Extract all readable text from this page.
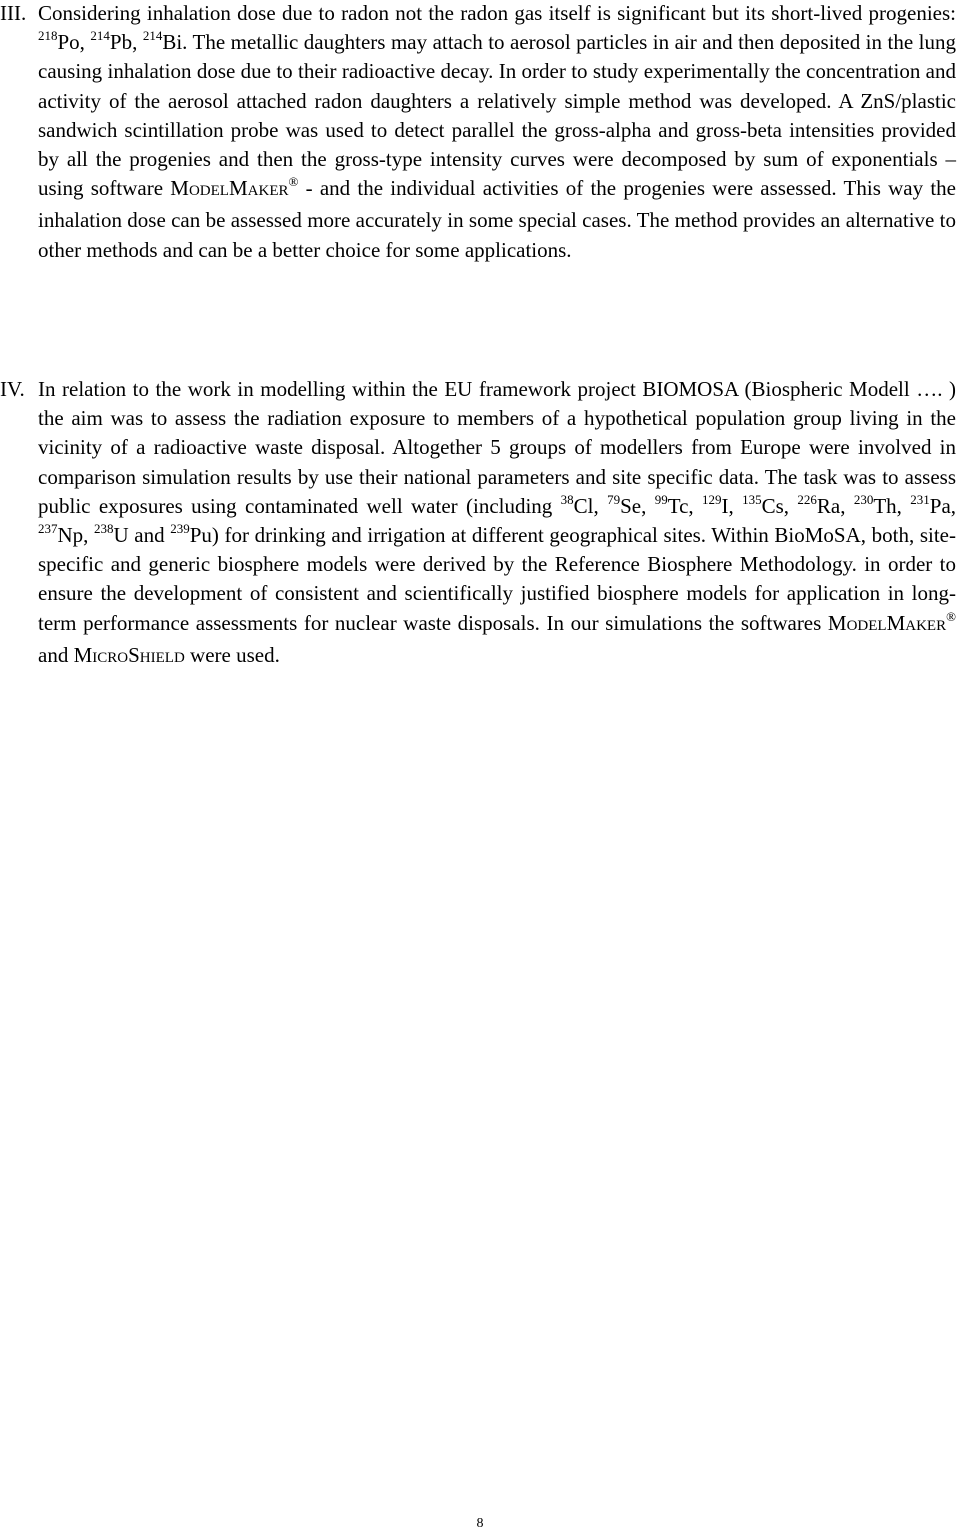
III. Considering inhalation dose due to radon not the radon gas itself is significant but its short-lived progenies: $^{218}$Po, $^{214}$Pb, $^{214}$Bi. The metallic daughters may attach to aerosol particles in air and then deposited in the lung causing inhalation dose due to their radioactive decay. In order to study experimentally the concentration and activity of the aerosol attached radon daughters a relatively simple method was developed. A ZnS/plastic sandwich scintillation probe was used to detect parallel the gross-alpha and gross-beta intensities provided by all the progenies and then the gross-type intensity curves were decomposed by sum of exponentials – using software MODELMAKER® - and the individual activities of the progenies were assessed. This way the inhalation dose can be assessed more accurately in some special cases. The method provides an alternative to other methods and can be a better choice for some applications.

IV. In relation to the work in modelling within the EU framework project BIOMOSA (Biospheric Modell …. ) the aim was to assess the radiation exposure to members of a hypothetical population group living in the vicinity of a radioactive waste disposal. Altogether 5 groups of modellers from Europe were involved in comparison simulation results by use their national parameters and site specific data. The task was to assess public exposures using contaminated well water (including $^{38}$Cl, $^{79}$Se, $^{99}$Tc, $^{129}$I, $^{135}$Cs, $^{226}$Ra, $^{230}$Th, $^{231}$Pa, $^{237}$Np, $^{238}$U and $^{239}$Pu) for drinking and irrigation at different geographical sites. Within BioMoSA, both, site-specific and generic biosphere models were derived by the Reference Biosphere Methodology. in order to ensure the development of consistent and scientifically justified biosphere models for application in long-term performance assessments for nuclear waste disposals. In our simulations the softwares MODELMAKER® and MICROSHIELD were used.

8
